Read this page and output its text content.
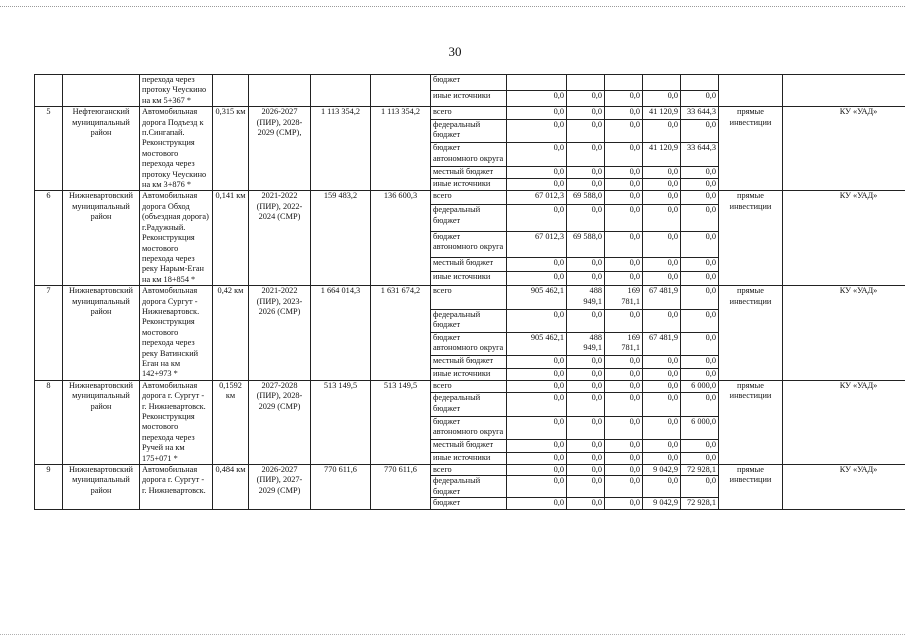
30
		перехода через протоку Чеускино на км 5+367 *					бюджет							
							иные источники	0,0	0,0	0,0	0,0	0,0		
5	Нефтеюганский муниципальный район	Автомобильная дорога Подъезд к п.Сингапай. Реконструкция мостового перехода через протоку Чеускино на км 3+876 *	0,315 км	2026-2027 (ПИР), 2028-2029 (СМР),	1 113 354,2	1 113 354,2	всего	0,0	0,0	0,0	41 120,9	33 644,3	прямые инвестиции	КУ «УАД»
							федеральный бюджет	0,0	0,0	0,0	0,0	0,0		
							бюджет автономного округа	0,0	0,0	0,0	41 120,9	33 644,3		
							местный бюджет	0,0	0,0	0,0	0,0	0,0		
							иные источники	0,0	0,0	0,0	0,0	0,0		
6	Нижневартовский муниципальный район	Автомобильная дорога Обход (объездная дорога) г.Радужный. Реконструкция мостового перехода через реку Нарым-Еган на км 18+854 *	0,141 км	2021-2022 (ПИР), 2022-2024 (СМР)	159 483,2	136 600,3	всего	67 012,3	69 588,0	0,0	0,0	0,0	прямые инвестиции	КУ «УАД»
							федеральный бюджет	0,0	0,0	0,0	0,0	0,0		
							бюджет автономного округа	67 012,3	69 588,0	0,0	0,0	0,0		
							местный бюджет	0,0	0,0	0,0	0,0	0,0		
							иные источники	0,0	0,0	0,0	0,0	0,0		
7	Нижневартовский муниципальный район	Автомобильная дорога Сургут - Нижневартовск. Реконструкция мостового перехода через реку Ватинский Еган на км 142+973 *	0,42 км	2021-2022 (ПИР), 2023-2026 (СМР)	1 664 014,3	1 631 674,2	всего	905 462,1	488 949,1	169 781,1	67 481,9	0,0	прямые инвестиции	КУ «УАД»
							федеральный бюджет	0,0	0,0	0,0	0,0	0,0		
							бюджет автономного округа	905 462,1	488 949,1	169 781,1	67 481,9	0,0		
							местный бюджет	0,0	0,0	0,0	0,0	0,0		
							иные источники	0,0	0,0	0,0	0,0	0,0		
8	Нижневартовский муниципальный район	Автомобильная дорога г. Сургут - г. Нижневартовск. Реконструкция мостового перехода через Ручей на км 175+071 *	0,1592 км	2027-2028 (ПИР), 2028-2029 (СМР)	513 149,5	513 149,5	всего	0,0	0,0	0,0	0,0	6 000,0	прямые инвестиции	КУ «УАД»
							федеральный бюджет	0,0	0,0	0,0	0,0	0,0		
							бюджет автономного округа	0,0	0,0	0,0	0,0	6 000,0		
							местный бюджет	0,0	0,0	0,0	0,0	0,0		
							иные источники	0,0	0,0	0,0	0,0	0,0		
9	Нижневартовский муниципальный район	Автомобильная дорога г. Сургут - г. Нижневартовск.	0,484 км	2026-2027 (ПИР), 2027-2029 (СМР)	770 611,6	770 611,6	всего	0,0	0,0	0,0	9 042,9	72 928,1	прямые инвестиции	КУ «УАД»
							федеральный бюджет	0,0	0,0	0,0	0,0	0,0		
							бюджет	0,0	0,0	0,0	9 042,9	72 928,1		
